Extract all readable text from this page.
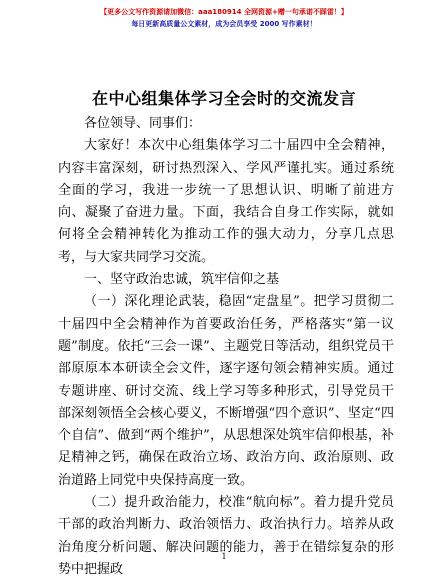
【更多公文写作资源请加微信：aaa180914 全网资源+赠一句承诺不踩雷！】
每日更新高质量公文素材，成为会员享受 2000 写作素材！
在中心组集体学习全会时的交流发言

各位领导、同事们：

大家好！本次中心组集体学习二十届四中全会精神，内容丰富深刻，研讨热烈深入、学风严谨扎实。通过系统全面的学习，我进一步统一了思想认识、明晰了前进方向、凝聚了奋进力量。下面，我结合自身工作实际，就如何将全会精神转化为推动工作的强大动力，分享几点思考，与大家共同学习交流。

一、坚守政治忠诚，筑牢信仰之基

（一）深化理论武装，稳固“定盘星”。把学习贯彻二十届四中全会精神作为首要政治任务，严格落实“第一议题”制度。依托“三会一课”、主题党日等活动，组织党员干部原原本本研读全会文件，逐字逐句领会精神实质。通过专题讲座、研讨交流、线上学习等多种形式，引导党员干部深刻领悟全会核心要义，不断增强“四个意识”、坚定“四个自信”、做到“两个维护”，从思想深处筑牢信仰根基，补足精神之钙，确保在政治立场、政治方向、政治原则、政治道路上同党中央保持高度一致。

（二）提升政治能力，校准“航向标”。着力提升党员干部的政治判断力、政治领悟力、政治执行力。培养从政治角度分析问题、解决问题的能力，善于在错综复杂的形势中把握政

1
